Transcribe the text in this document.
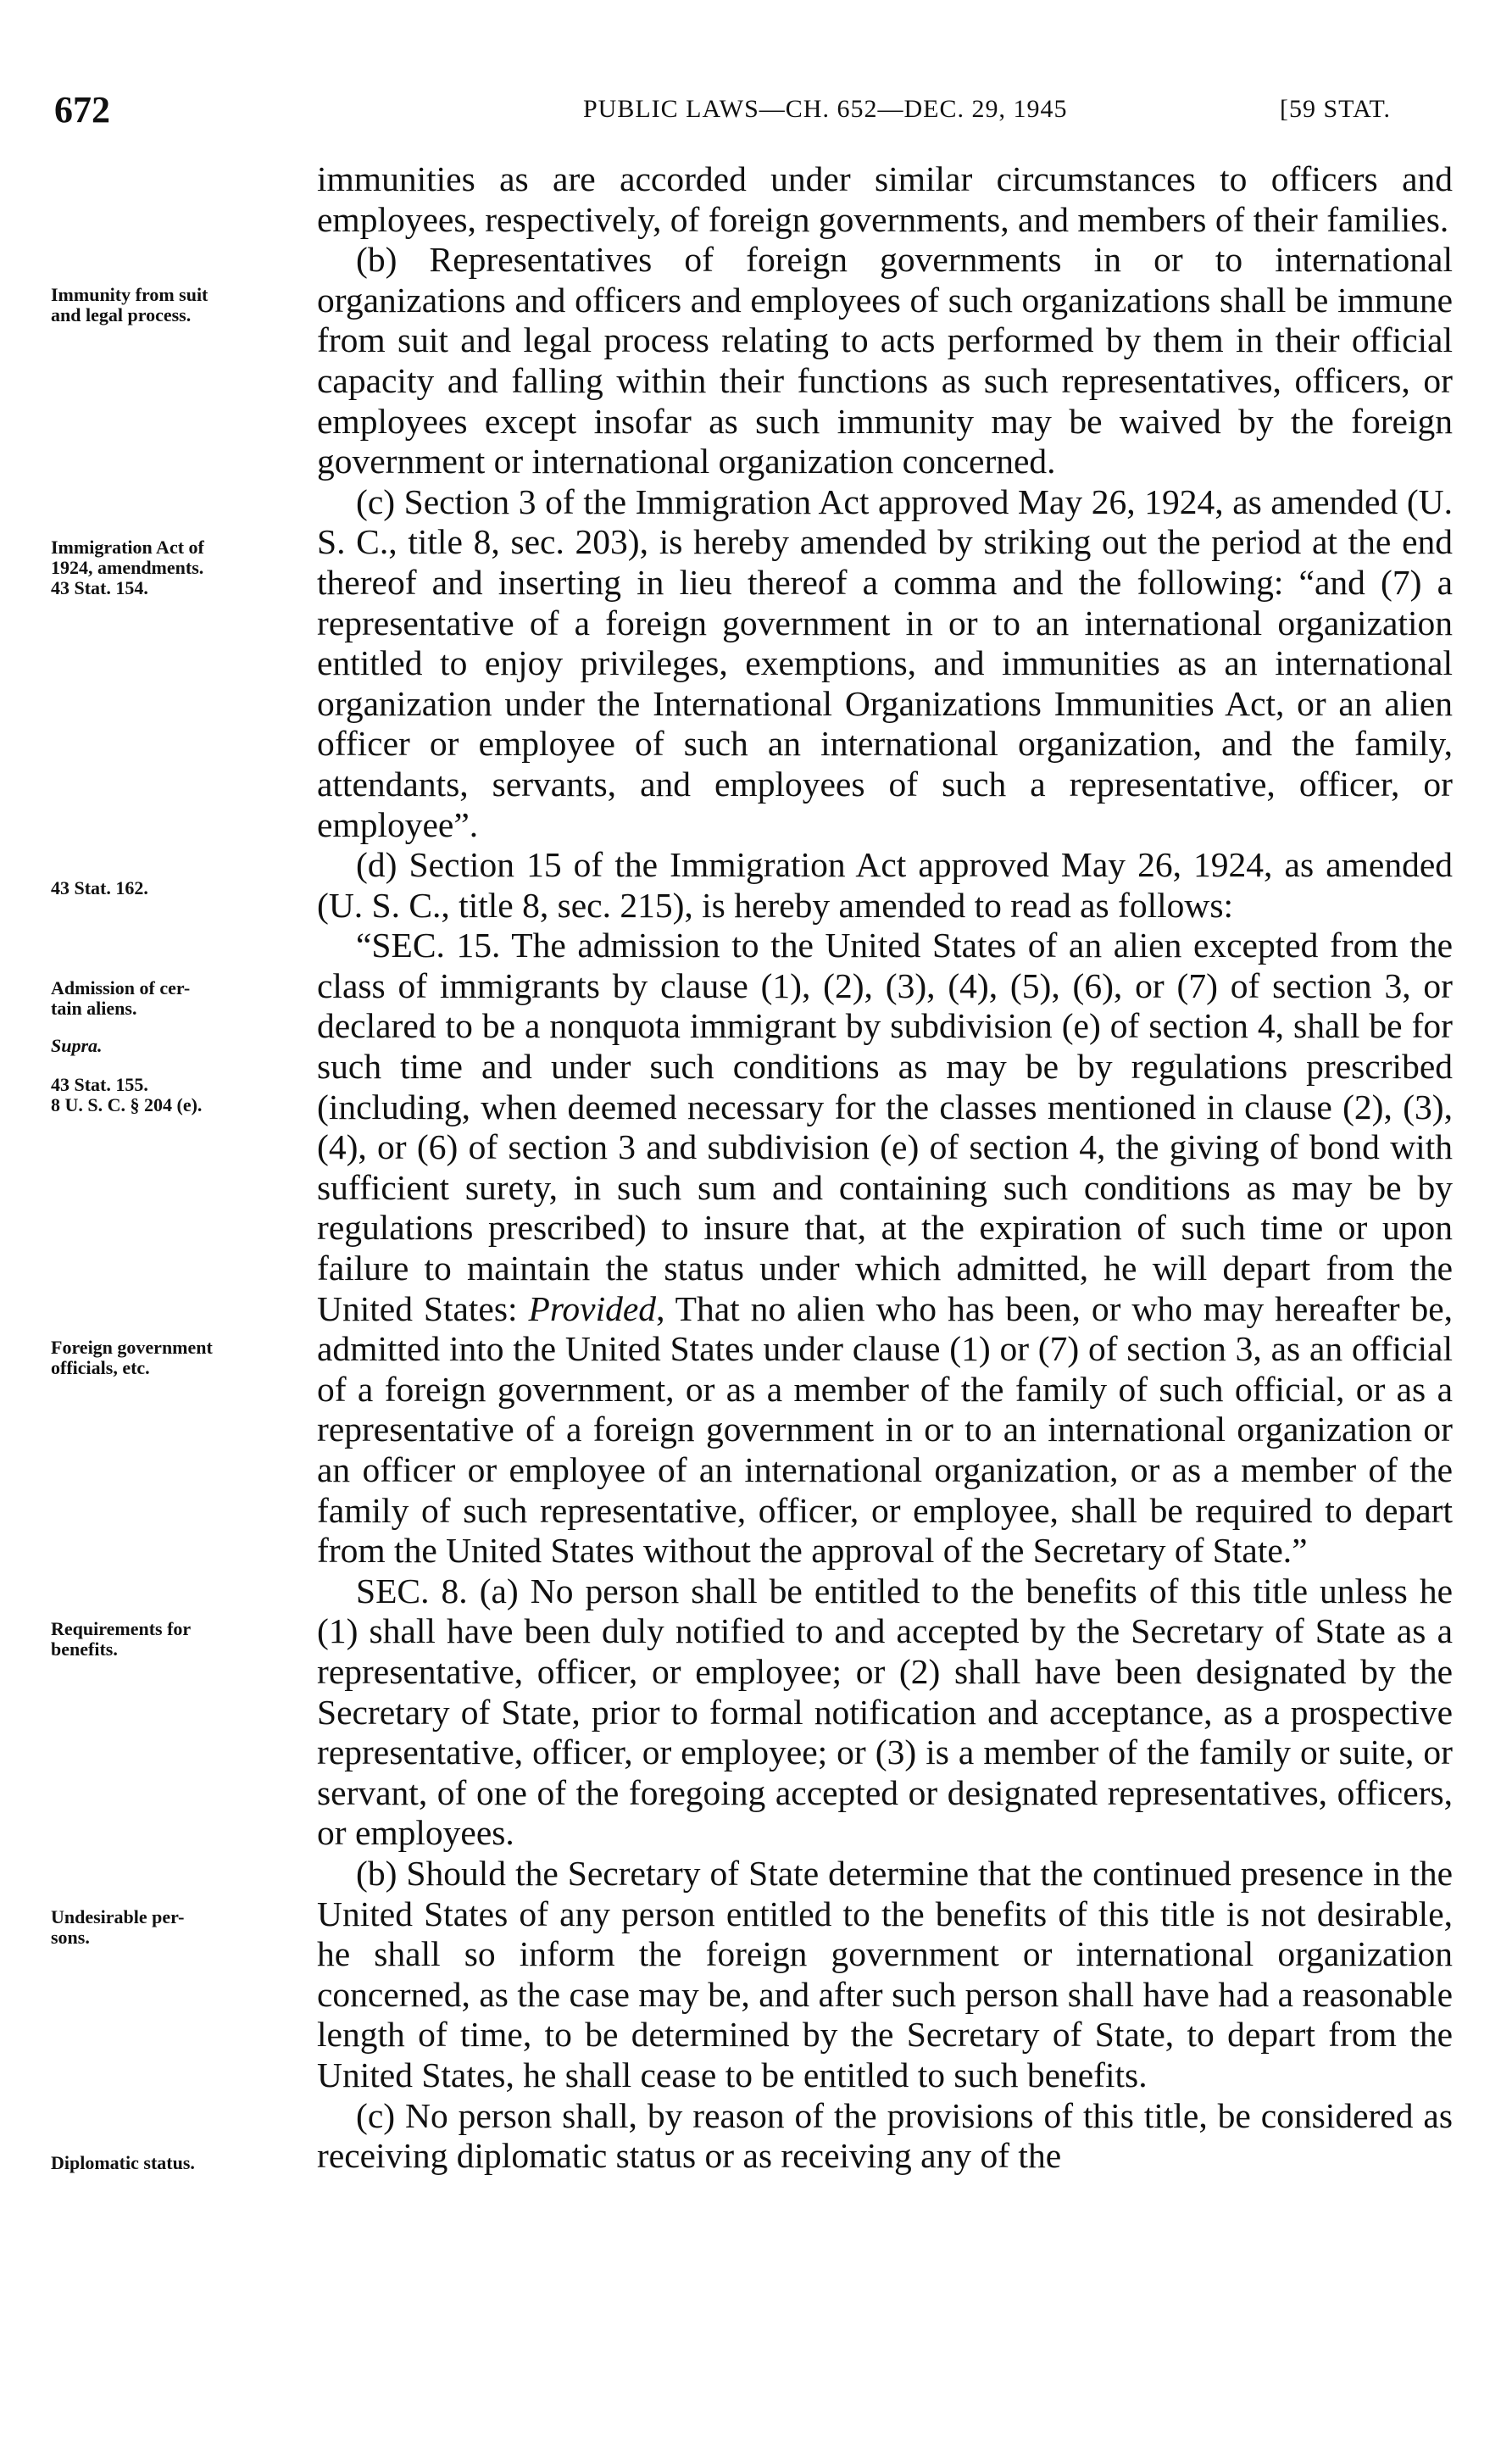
672	PUBLIC LAWS—CH. 652—DEC. 29, 1945	[59 STAT.
Immunity from suit
and legal process.
Immigration Act of
1924, amendments.
43 Stat. 154.
43 Stat. 162.
Admission of cer-
tain aliens.
Supra.
43 Stat. 155.
8 U. S. C. § 204 (e).
Foreign government
officials, etc.
Requirements for
benefits.
Undesirable per-
sons.
Diplomatic status.

immunities as are accorded under similar circumstances to officers and employees, respectively, of foreign governments, and members of their families.

(b) Representatives of foreign governments in or to international organizations and officers and employees of such organizations shall be immune from suit and legal process relating to acts performed by them in their official capacity and falling within their functions as such representatives, officers, or employees except insofar as such immunity may be waived by the foreign government or international organization concerned.

(c) Section 3 of the Immigration Act approved May 26, 1924, as amended (U. S. C., title 8, sec. 203), is hereby amended by striking out the period at the end thereof and inserting in lieu thereof a comma and the following: “and (7) a representative of a foreign government in or to an international organization entitled to enjoy privileges, exemptions, and immunities as an international organization under the International Organizations Immunities Act, or an alien officer or employee of such an international organization, and the family, attendants, servants, and employees of such a representative, officer, or employee”.

(d) Section 15 of the Immigration Act approved May 26, 1924, as amended (U. S. C., title 8, sec. 215), is hereby amended to read as follows:

“SEC. 15. The admission to the United States of an alien excepted from the class of immigrants by clause (1), (2), (3), (4), (5), (6), or (7) of section 3, or declared to be a nonquota immigrant by subdivision (e) of section 4, shall be for such time and under such conditions as may be by regulations prescribed (including, when deemed necessary for the classes mentioned in clause (2), (3), (4), or (6) of section 3 and subdivision (e) of section 4, the giving of bond with sufficient surety, in such sum and containing such conditions as may be by regulations prescribed) to insure that, at the expiration of such time or upon failure to maintain the status under which admitted, he will depart from the United States: Provided, That no alien who has been, or who may hereafter be, admitted into the United States under clause (1) or (7) of section 3, as an official of a foreign government, or as a member of the family of such official, or as a representative of a foreign government in or to an international organization or an officer or employee of an international organization, or as a member of the family of such representative, officer, or employee, shall be required to depart from the United States without the approval of the Secretary of State.”

SEC. 8. (a) No person shall be entitled to the benefits of this title unless he (1) shall have been duly notified to and accepted by the Secretary of State as a representative, officer, or employee; or (2) shall have been designated by the Secretary of State, prior to formal notification and acceptance, as a prospective representative, officer, or employee; or (3) is a member of the family or suite, or servant, of one of the foregoing accepted or designated representatives, officers, or employees.

(b) Should the Secretary of State determine that the continued presence in the United States of any person entitled to the benefits of this title is not desirable, he shall so inform the foreign government or international organization concerned, as the case may be, and after such person shall have had a reasonable length of time, to be determined by the Secretary of State, to depart from the United States, he shall cease to be entitled to such benefits.

(c) No person shall, by reason of the provisions of this title, be considered as receiving diplomatic status or as receiving any of the
